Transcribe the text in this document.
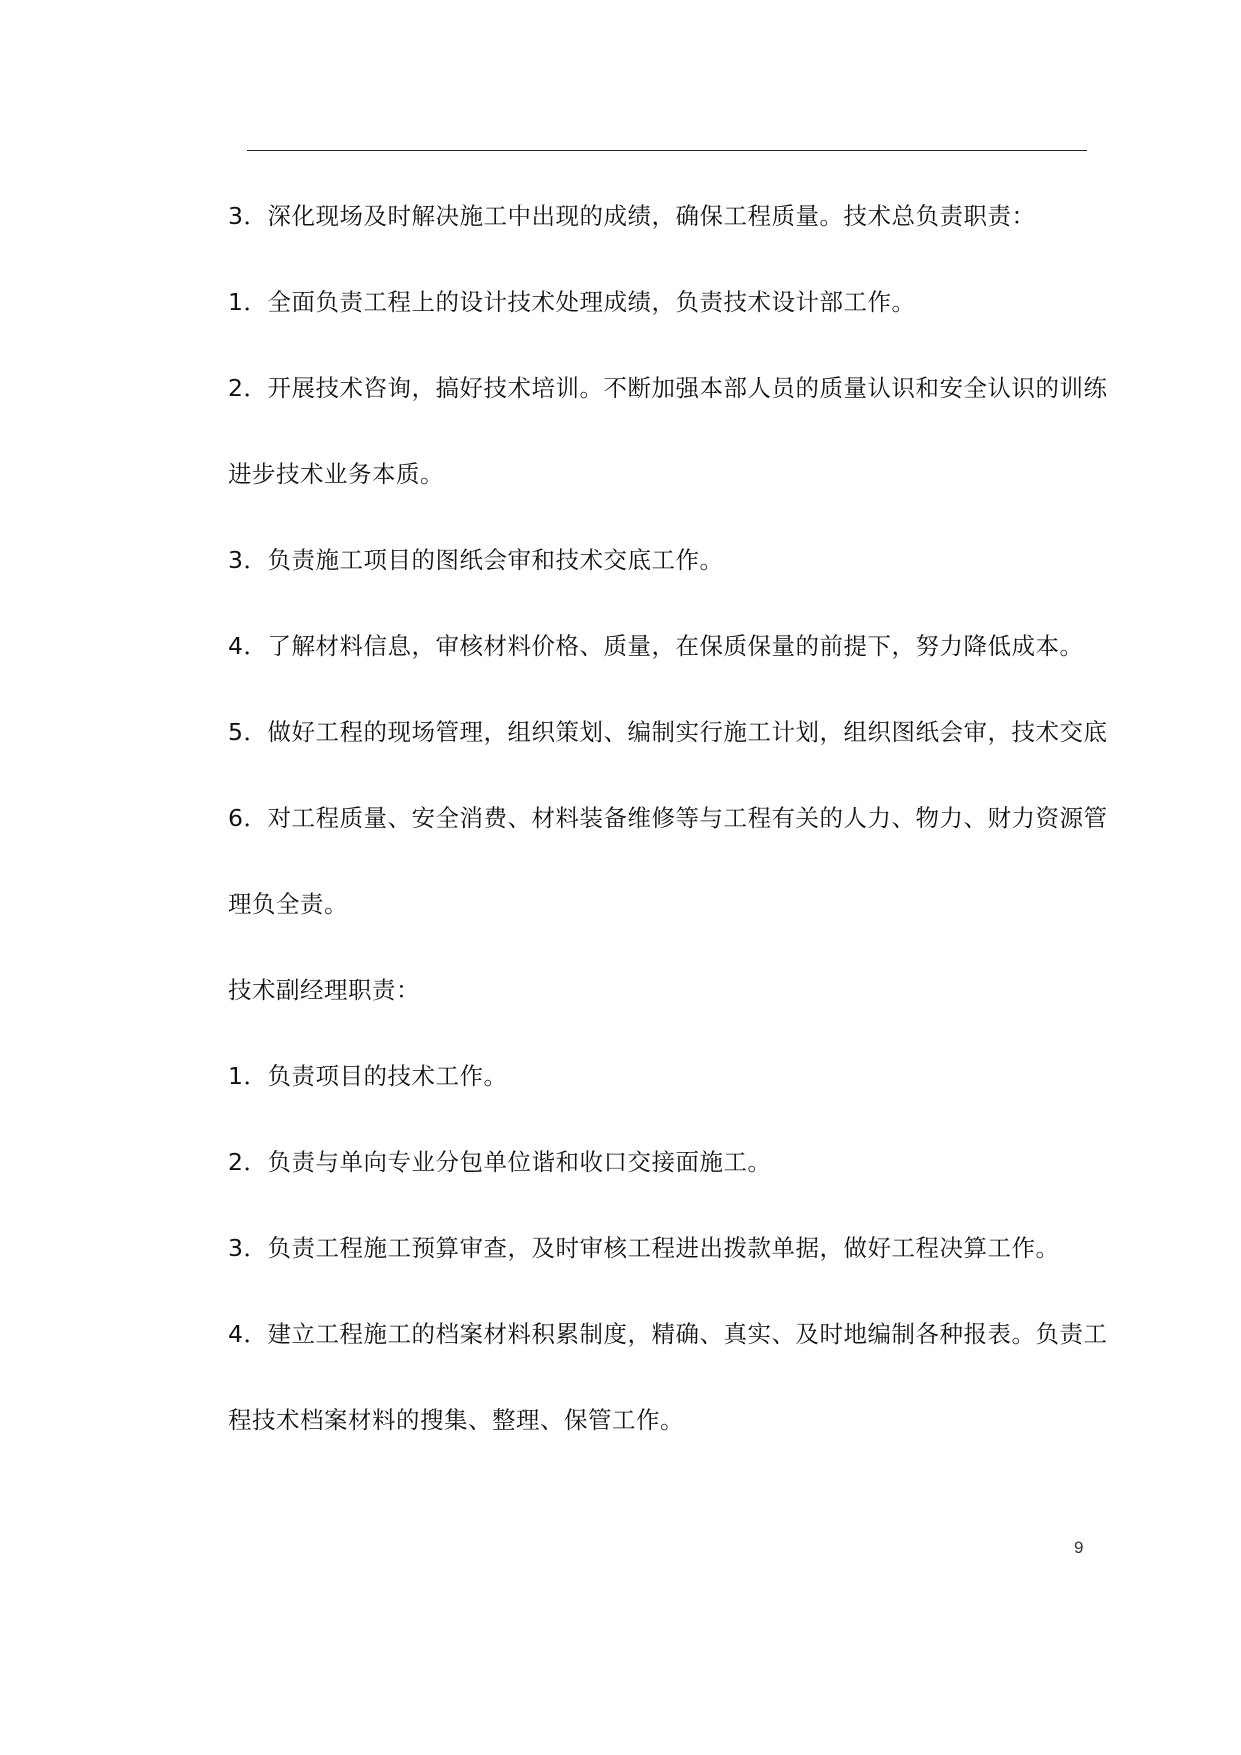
3．深化现场及时解决施工中出现的成绩，确保工程质量。技术总负责职责：
1．全面负责工程上的设计技术处理成绩，负责技术设计部工作。
2．开展技术咨询，搞好技术培训。不断加强本部人员的质量认识和安全认识的训练
进步技术业务本质。
3．负责施工项目的图纸会审和技术交底工作。
4．了解材料信息，审核材料价格、质量，在保质保量的前提下，努力降低成本。
5．做好工程的现场管理，组织策划、编制实行施工计划，组织图纸会审，技术交底
6．对工程质量、安全消费、材料装备维修等与工程有关的人力、物力、财力资源管
理负全责。
技术副经理职责：
1．负责项目的技术工作。
2．负责与单向专业分包单位谐和收口交接面施工。
3．负责工程施工预算审查，及时审核工程进出拨款单据，做好工程决算工作。
4．建立工程施工的档案材料积累制度，精确、真实、及时地编制各种报表。负责工
程技术档案材料的搜集、整理、保管工作。
9
